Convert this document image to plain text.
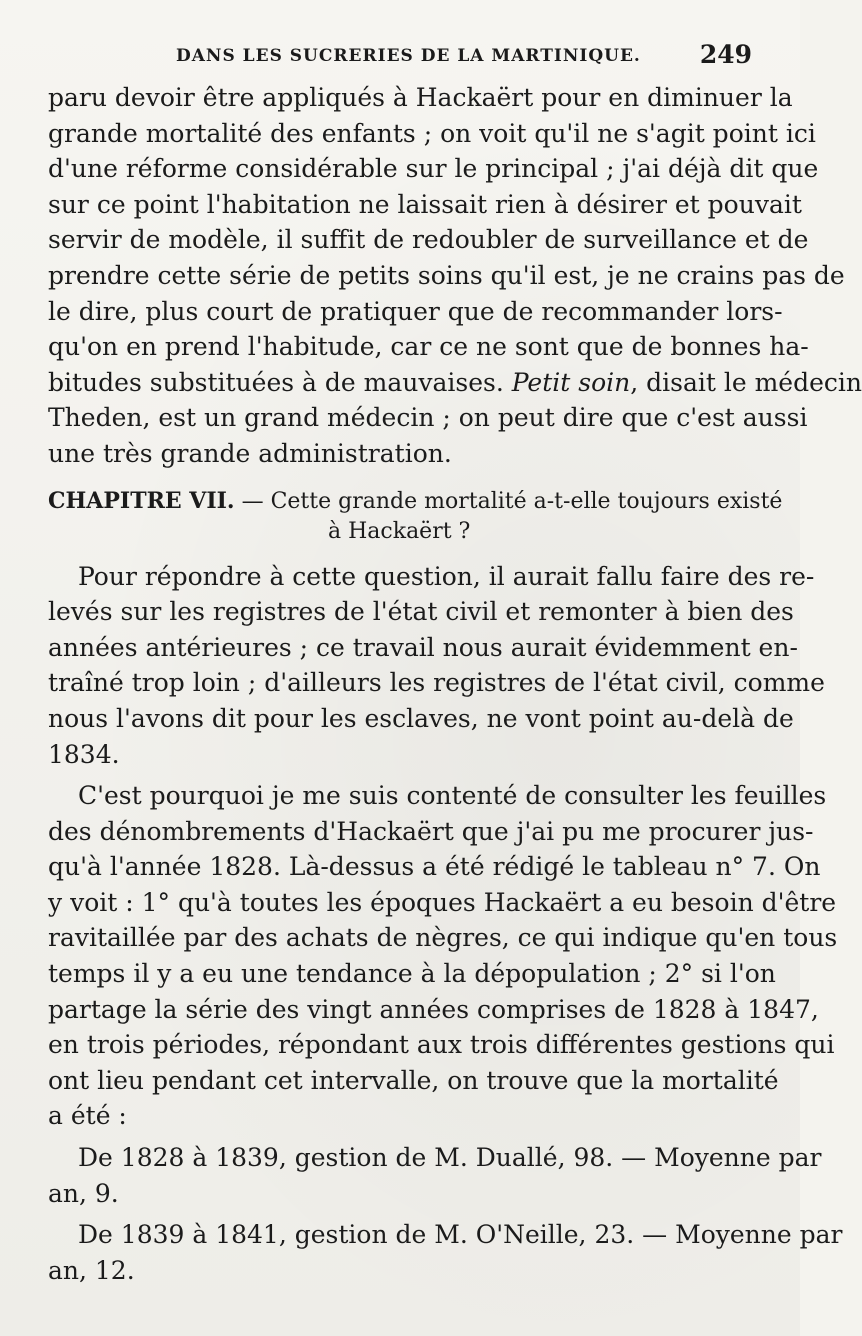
DANS LES SUCRERIES DE LA MARTINIQUE. 249
paru devoir être appliqués à Hackaërt pour en diminuer la
grande mortalité des enfants ; on voit qu'il ne s'agit point ici
d'une réforme considérable sur le principal ; j'ai déjà dit que
sur ce point l'habitation ne laissait rien à désirer et pouvait
servir de modèle, il suffit de redoubler de surveillance et de
prendre cette série de petits soins qu'il est, je ne crains pas de
le dire, plus court de pratiquer que de recommander lors-
qu'on en prend l'habitude, car ce ne sont que de bonnes ha-
bitudes substituées à de mauvaises. Petit soin, disait le médecin
Theden, est un grand médecin ; on peut dire que c'est aussi
une très grande administration.
CHAPITRE VII. — Cette grande mortalité a-t-elle toujours existé
à Hackaërt ?
Pour répondre à cette question, il aurait fallu faire des re-
levés sur les registres de l'état civil et remonter à bien des
années antérieures ; ce travail nous aurait évidemment en-
traîné trop loin ; d'ailleurs les registres de l'état civil, comme
nous l'avons dit pour les esclaves, ne vont point au-delà de
1834.
C'est pourquoi je me suis contenté de consulter les feuilles
des dénombrements d'Hackaërt que j'ai pu me procurer jus-
qu'à l'année 1828. Là-dessus a été rédigé le tableau n° 7. On
y voit : 1° qu'à toutes les époques Hackaërt a eu besoin d'être
ravitaillée par des achats de nègres, ce qui indique qu'en tous
temps il y a eu une tendance à la dépopulation ; 2° si l'on
partage la série des vingt années comprises de 1828 à 1847,
en trois périodes, répondant aux trois différentes gestions qui
ont lieu pendant cet intervalle, on trouve que la mortalité
a été :
De 1828 à 1839, gestion de M. Duallé, 98. — Moyenne par
an, 9.
De 1839 à 1841, gestion de M. O'Neille, 23. — Moyenne par
an, 12.
